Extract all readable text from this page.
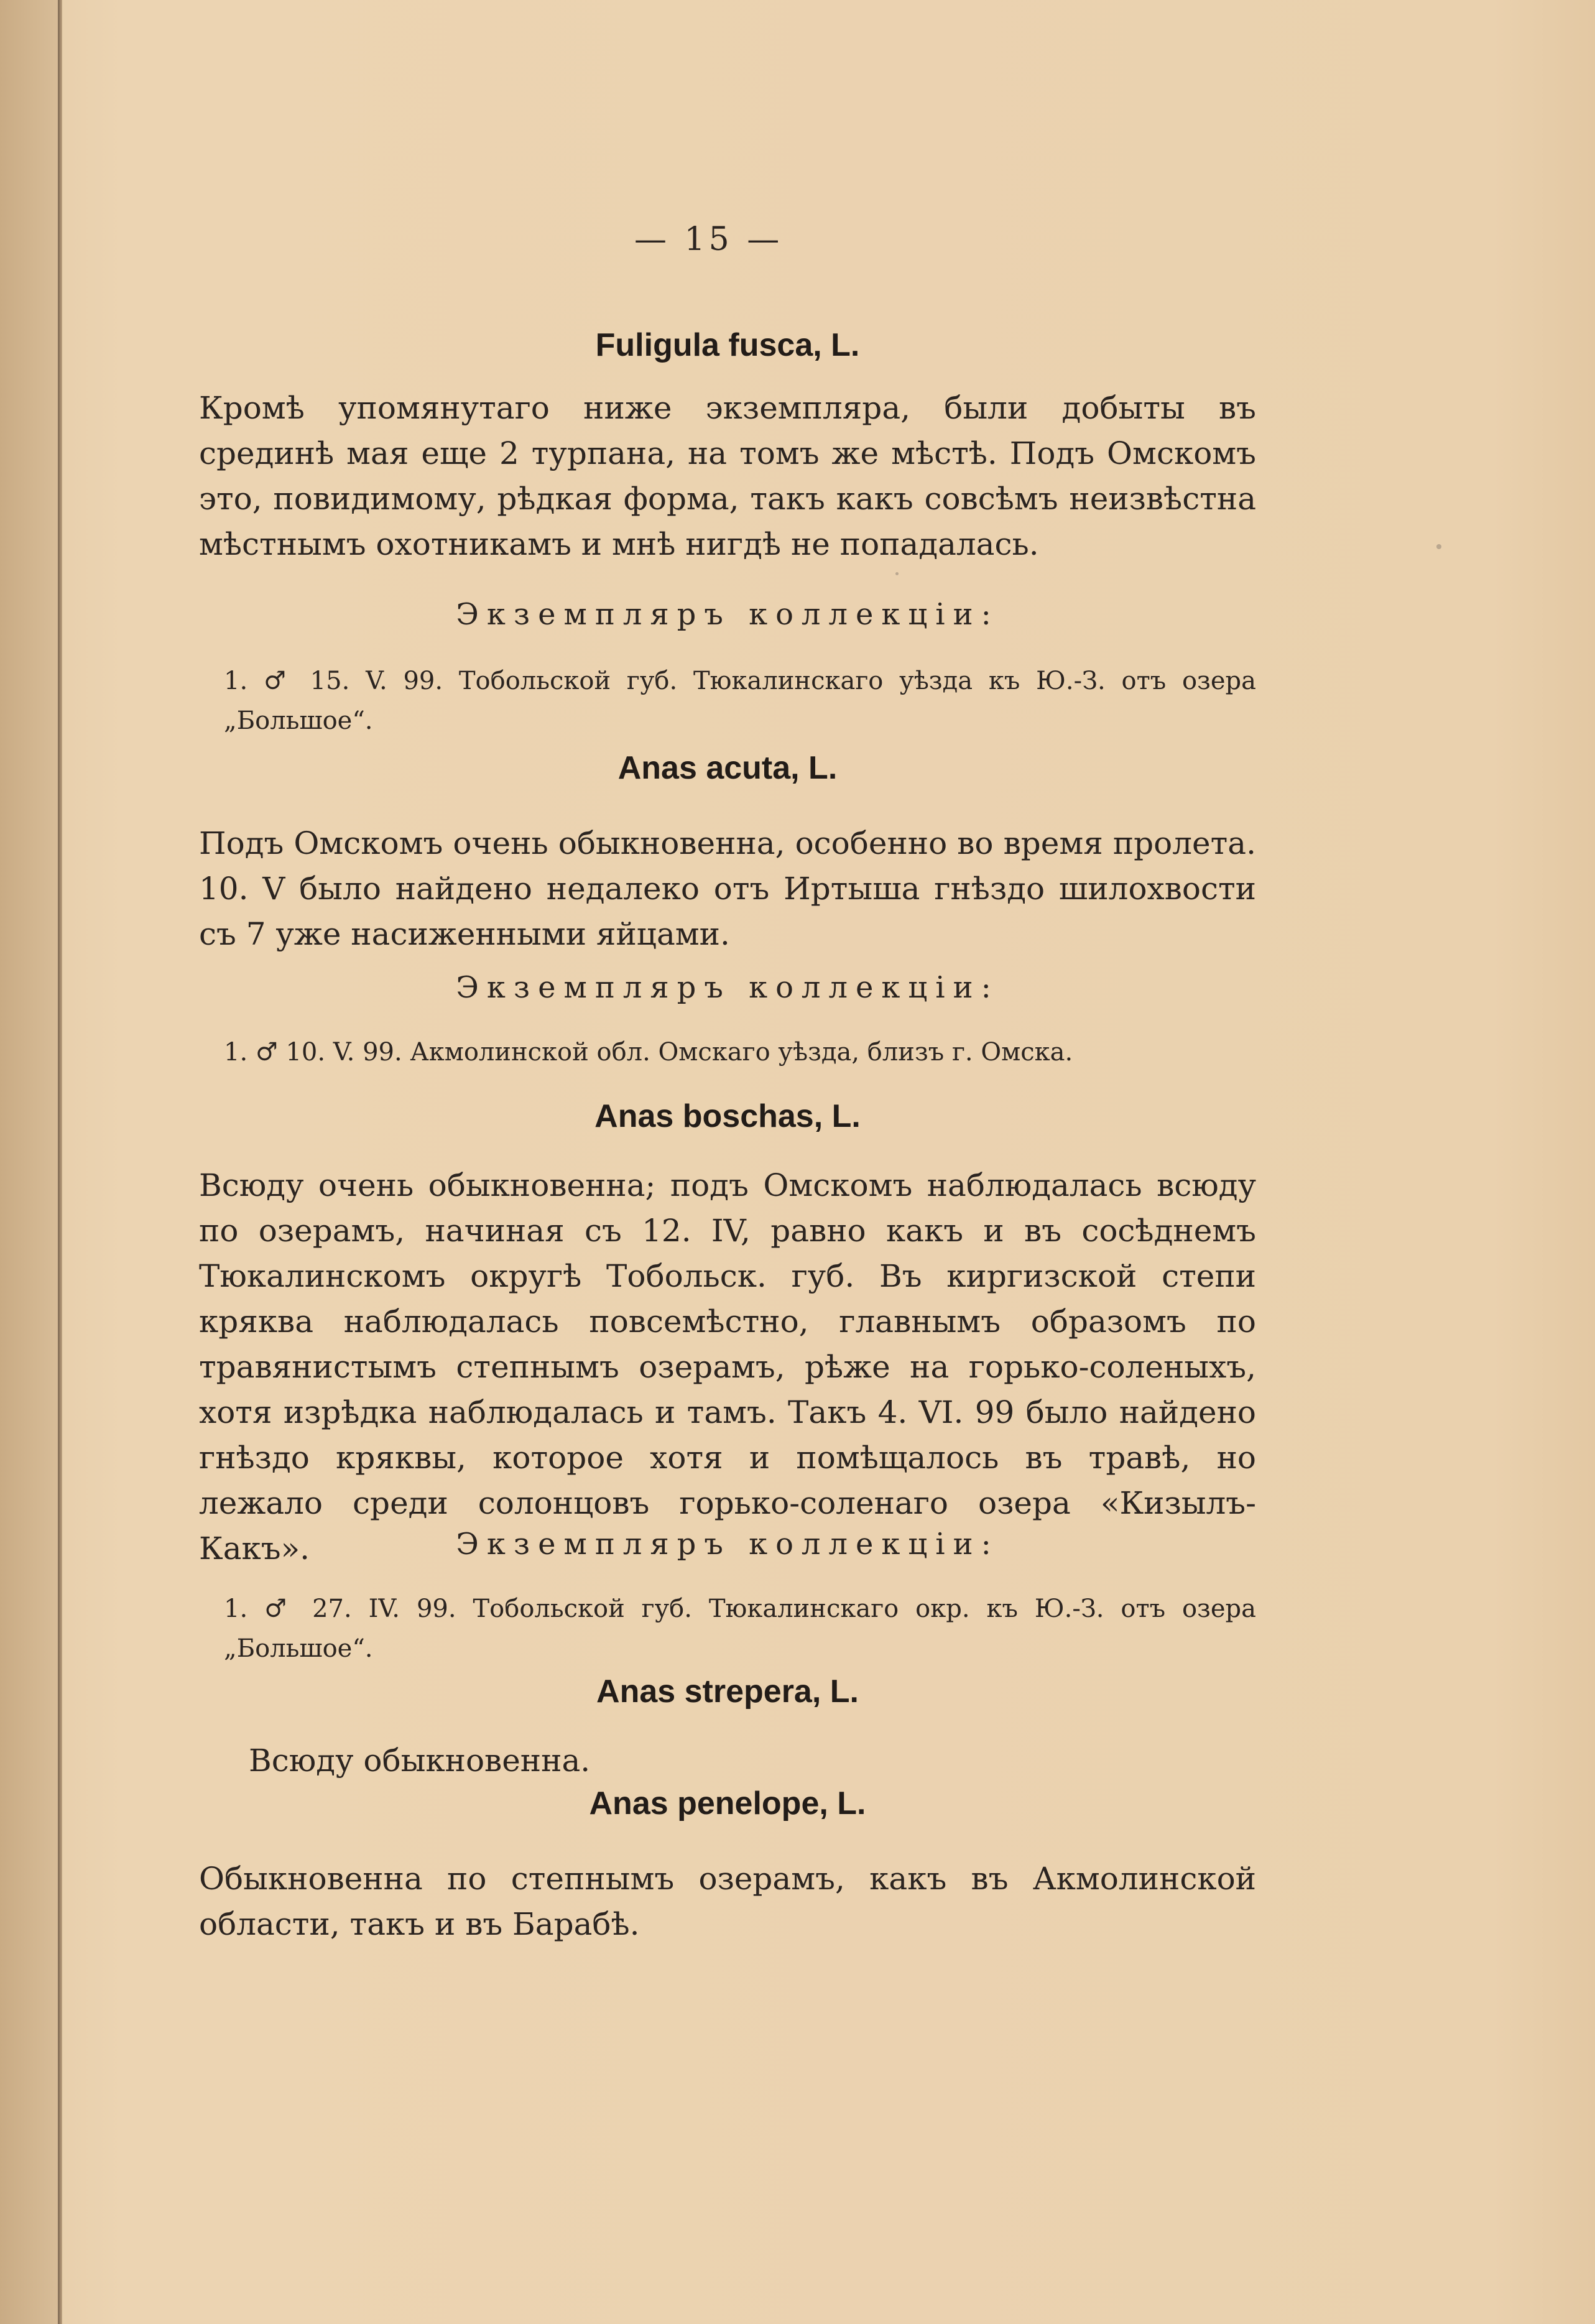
— 15 —
Fuligula fusca, L.
Кромѣ упомянутаго ниже экземпляра, были добыты въ срединѣ мая еще 2 турпана, на томъ же мѣстѣ. Подъ Омскомъ это, повидимому, рѣдкая форма, такъ какъ совсѣмъ неизвѣстна мѣстнымъ охотникамъ и мнѣ нигдѣ не попадалась.
Экземпляръ коллекціи:
1. ♂ 15. V. 99. Тобольской губ. Тюкалинскаго уѣзда къ Ю.-З. отъ озера „Большое“.
Anas acuta, L.
Подъ Омскомъ очень обыкновенна, особенно во время пролета. 10. V было найдено недалеко отъ Иртыша гнѣздо шилохвости съ 7 уже насиженными яйцами.
Экземпляръ коллекціи:
1. ♂ 10. V. 99. Акмолинской обл. Омскаго уѣзда, близъ г. Омска.
Anas boschas, L.
Всюду очень обыкновенна; подъ Омскомъ наблюдалась всюду по озерамъ, начиная съ 12. IV, равно какъ и въ сосѣднемъ Тюкалинскомъ округѣ Тобольск. губ. Въ киргизской степи кряква наблюдалась повсемѣстно, главнымъ образомъ по травянистымъ степнымъ озерамъ, рѣже на горько-соленыхъ, хотя изрѣдка наблюдалась и тамъ. Такъ 4. VI. 99 было найдено гнѣздо кряквы, которое хотя и помѣщалось въ травѣ, но лежало среди солонцовъ горько-соленаго озера «Кизылъ-Какъ».	Экземпляръ коллекціи:
1. ♂ 27. IV. 99. Тобольской губ. Тюкалинскаго окр. къ Ю.-З. отъ озера „Большое“.
Anas strepera, L.
Всюду обыкновенна.
Anas penelope, L.
Обыкновенна по степнымъ озерамъ, какъ въ Акмолинской области, такъ и въ Барабѣ.
